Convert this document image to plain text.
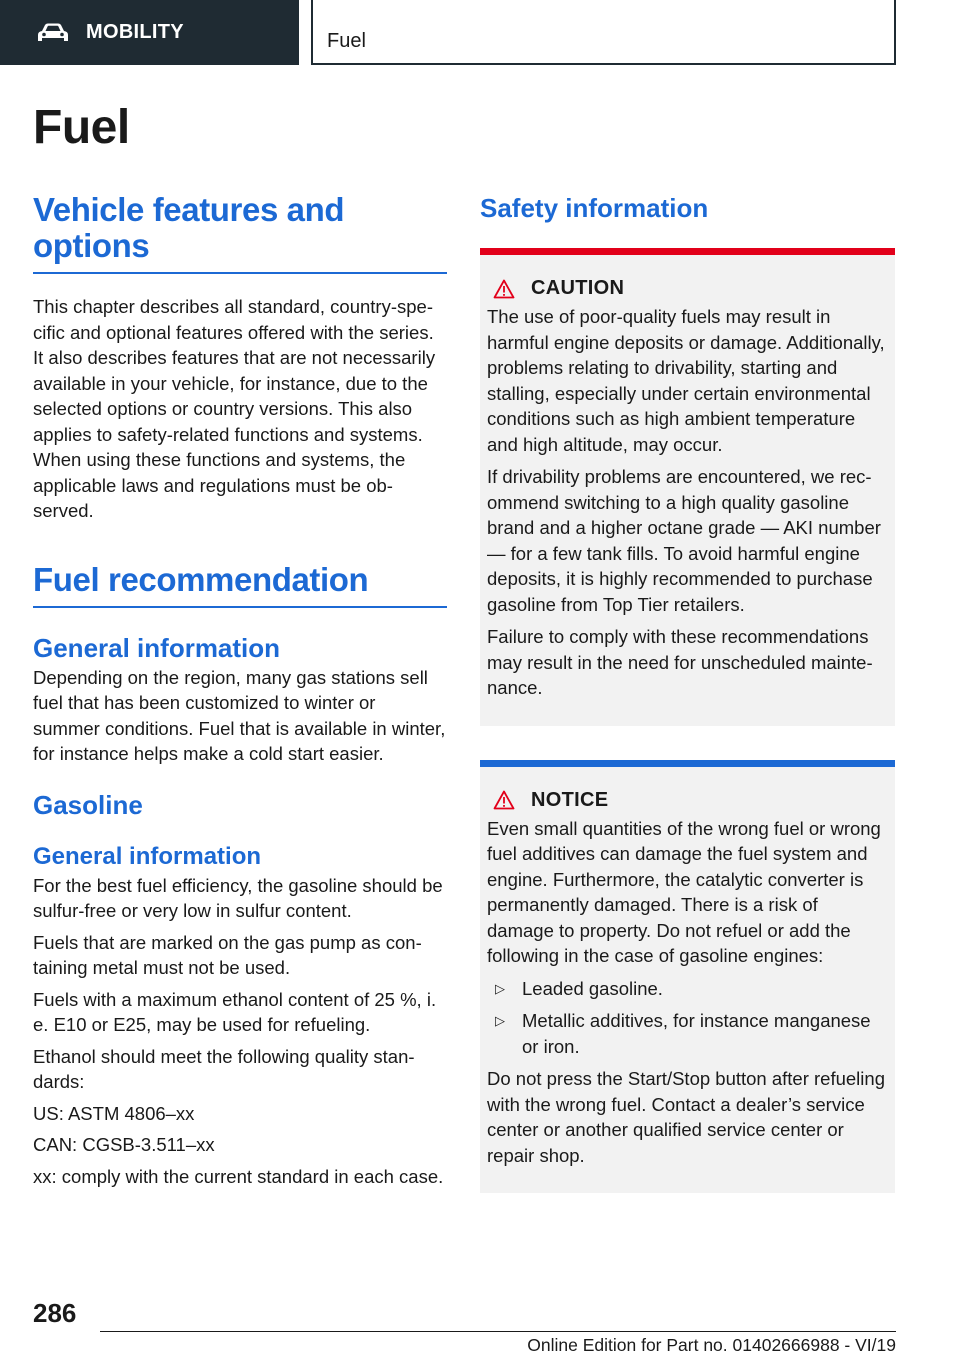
MOBILITY	Fuel
Fuel
Vehicle features and options
This chapter describes all standard, country-specific and optional features offered with the series. It also describes features that are not necessarily available in your vehicle, for instance, due to the selected options or country versions. This also applies to safety-related functions and systems. When using these functions and systems, the applicable laws and regulations must be observed.
Fuel recommendation
General information
Depending on the region, many gas stations sell fuel that has been customized to winter or summer conditions. Fuel that is available in winter, for instance helps make a cold start easier.
Gasoline
General information
For the best fuel efficiency, the gasoline should be sulfur-free or very low in sulfur content.
Fuels that are marked on the gas pump as containing metal must not be used.
Fuels with a maximum ethanol content of 25 %, i. e. E10 or E25, may be used for refueling.
Ethanol should meet the following quality standards:
US: ASTM 4806–xx
CAN: CGSB-3.511–xx
xx: comply with the current standard in each case.
Safety information
CAUTION
The use of poor-quality fuels may result in harmful engine deposits or damage. Additionally, problems relating to drivability, starting and stalling, especially under certain environmental conditions such as high ambient temperature and high altitude, may occur.
If drivability problems are encountered, we recommend switching to a high quality gasoline brand and a higher octane grade — AKI number — for a few tank fills. To avoid harmful engine deposits, it is highly recommended to purchase gasoline from Top Tier retailers.
Failure to comply with these recommendations may result in the need for unscheduled maintenance.
NOTICE
Even small quantities of the wrong fuel or wrong fuel additives can damage the fuel system and engine. Furthermore, the catalytic converter is permanently damaged. There is a risk of damage to property. Do not refuel or add the following in the case of gasoline engines:
▷ Leaded gasoline.
▷ Metallic additives, for instance manganese or iron.
Do not press the Start/Stop button after refueling with the wrong fuel. Contact a dealer’s service center or another qualified service center or repair shop.
286
Online Edition for Part no. 01402666988 - VI/19
